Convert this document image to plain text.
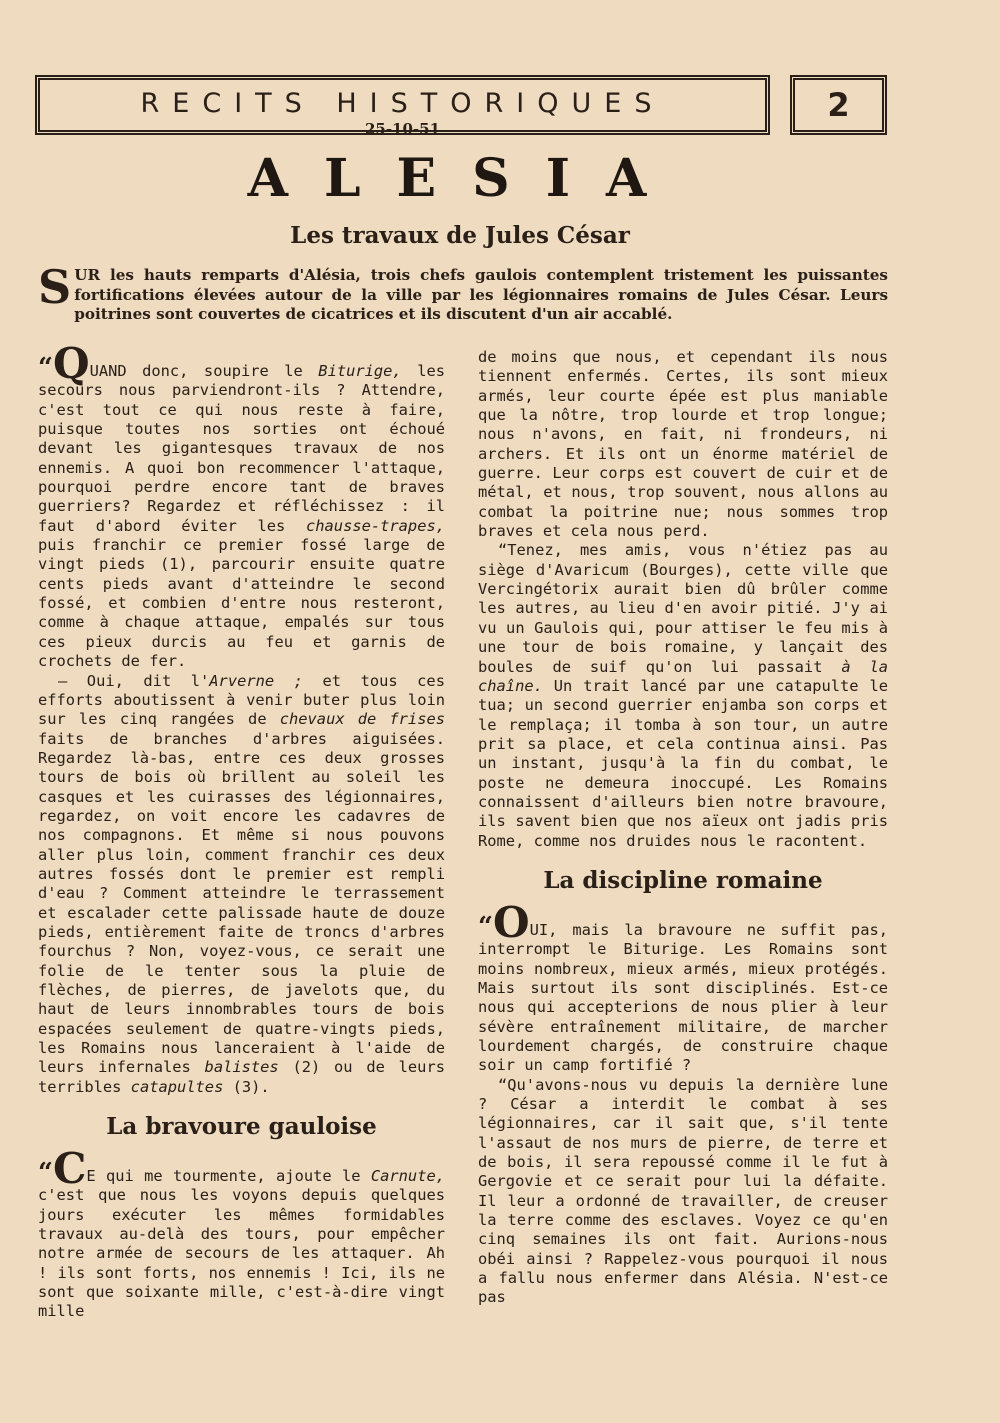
RECITS HISTORIQUES
25-10-51
2
ALESIA
Les travaux de Jules César

SUR les hauts remparts d'Alésia, trois chefs gaulois contemplent tristement les puissantes fortifications élevées autour de la ville par les légionnaires romains de Jules César. Leurs poitrines sont couvertes de cicatrices et ils discutent d'un air accablé.

“QUAND donc, soupire le Biturige, les secours nous parviendront-ils ? Attendre, c'est tout ce qui nous reste à faire, puisque toutes nos sorties ont échoué devant les gigantesques travaux de nos ennemis. A quoi bon recommencer l'attaque, pourquoi perdre encore tant de braves guerriers? Regardez et réfléchissez : il faut d'abord éviter les chausse-trapes, puis franchir ce premier fossé large de vingt pieds (1), parcourir ensuite quatre cents pieds avant d'atteindre le second fossé, et combien d'entre nous resteront, comme à chaque attaque, empalés sur tous ces pieux durcis au feu et garnis de crochets de fer.

— Oui, dit l'Arverne ; et tous ces efforts aboutissent à venir buter plus loin sur les cinq rangées de chevaux de frises faits de branches d'arbres aiguisées. Regardez là-bas, entre ces deux grosses tours de bois où brillent au soleil les casques et les cuirasses des légionnaires, regardez, on voit encore les cadavres de nos compagnons. Et même si nous pouvons aller plus loin, comment franchir ces deux autres fossés dont le premier est rempli d'eau ? Comment atteindre le terrassement et escalader cette palissade haute de douze pieds, entièrement faite de troncs d'arbres fourchus ? Non, voyez-vous, ce serait une folie de le tenter sous la pluie de flèches, de pierres, de javelots que, du haut de leurs innombrables tours de bois espacées seulement de quatre-vingts pieds, les Romains nous lanceraient à l'aide de leurs infernales balistes (2) ou de leurs terribles catapultes (3).

La bravoure gauloise

“CE qui me tourmente, ajoute le Carnute, c'est que nous les voyons depuis quelques jours exécuter les mêmes formidables travaux au-delà des tours, pour empêcher notre armée de secours de les attaquer. Ah ! ils sont forts, nos ennemis ! Ici, ils ne sont que soixante mille, c'est-à-dire vingt mille

de moins que nous, et cependant ils nous tiennent enfermés. Certes, ils sont mieux armés, leur courte épée est plus maniable que la nôtre, trop lourde et trop longue; nous n'avons, en fait, ni frondeurs, ni archers. Et ils ont un énorme matériel de guerre. Leur corps est couvert de cuir et de métal, et nous, trop souvent, nous allons au combat la poitrine nue; nous sommes trop braves et cela nous perd.

“Tenez, mes amis, vous n'étiez pas au siège d'Avaricum (Bourges), cette ville que Vercingétorix aurait bien dû brûler comme les autres, au lieu d'en avoir pitié. J'y ai vu un Gaulois qui, pour attiser le feu mis à une tour de bois romaine, y lançait des boules de suif qu'on lui passait à la chaîne. Un trait lancé par une catapulte le tua; un second guerrier enjamba son corps et le remplaça; il tomba à son tour, un autre prit sa place, et cela continua ainsi. Pas un instant, jusqu'à la fin du combat, le poste ne demeura inoccupé. Les Romains connaissent d'ailleurs bien notre bravoure, ils savent bien que nos aïeux ont jadis pris Rome, comme nos druides nous le racontent.

La discipline romaine

“OUI, mais la bravoure ne suffit pas, interrompt le Biturige. Les Romains sont moins nombreux, mieux armés, mieux protégés. Mais surtout ils sont disciplinés. Est-ce nous qui accepterions de nous plier à leur sévère entraînement militaire, de marcher lourdement chargés, de construire chaque soir un camp fortifié ?

“Qu'avons-nous vu depuis la dernière lune ? César a interdit le combat à ses légionnaires, car il sait que, s'il tente l'assaut de nos murs de pierre, de terre et de bois, il sera repoussé comme il le fut à Gergovie et ce serait pour lui la défaite. Il leur a ordonné de travailler, de creuser la terre comme des esclaves. Voyez ce qu'en cinq semaines ils ont fait. Aurions-nous obéi ainsi ? Rappelez-vous pourquoi il nous a fallu nous enfermer dans Alésia. N'est-ce pas
